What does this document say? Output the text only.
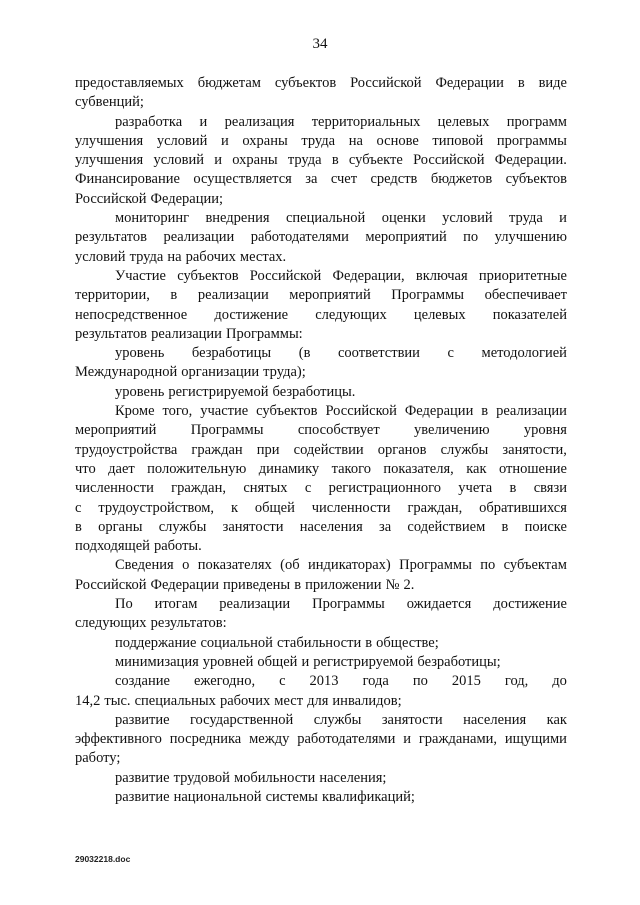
34
предоставляемых бюджетам субъектов Российской Федерации в виде
субвенций;
разработка и реализация территориальных целевых программ
улучшения условий и охраны труда на основе типовой программы
улучшения условий и охраны труда в субъекте Российской Федерации.
Финансирование осуществляется за счет средств бюджетов субъектов
Российской Федерации;
мониторинг внедрения специальной оценки условий труда и
результатов реализации работодателями мероприятий по улучшению
условий труда на рабочих местах.
Участие субъектов Российской Федерации, включая приоритетные
территории, в реализации мероприятий Программы обеспечивает
непосредственное достижение следующих целевых показателей
результатов реализации Программы:
уровень безработицы (в соответствии с методологией
Международной организации труда);
уровень регистрируемой безработицы.
Кроме того, участие субъектов Российской Федерации в реализации
мероприятий Программы способствует увеличению уровня
трудоустройства граждан при содействии органов службы занятости,
что дает положительную динамику такого показателя, как отношение
численности граждан, снятых с регистрационного учета в связи
с трудоустройством, к общей численности граждан, обратившихся
в органы службы занятости населения за содействием в поиске
подходящей работы.
Сведения о показателях (об индикаторах) Программы по субъектам
Российской Федерации приведены в приложении № 2.
По итогам реализации Программы ожидается достижение
следующих результатов:
поддержание социальной стабильности в обществе;
минимизация уровней общей и регистрируемой безработицы;
создание ежегодно, с 2013 года по 2015 год, до
14,2 тыс. специальных рабочих мест для инвалидов;
развитие государственной службы занятости населения как
эффективного посредника между работодателями и гражданами, ищущими
работу;
развитие трудовой мобильности населения;
развитие национальной системы квалификаций;
29032218.doc
